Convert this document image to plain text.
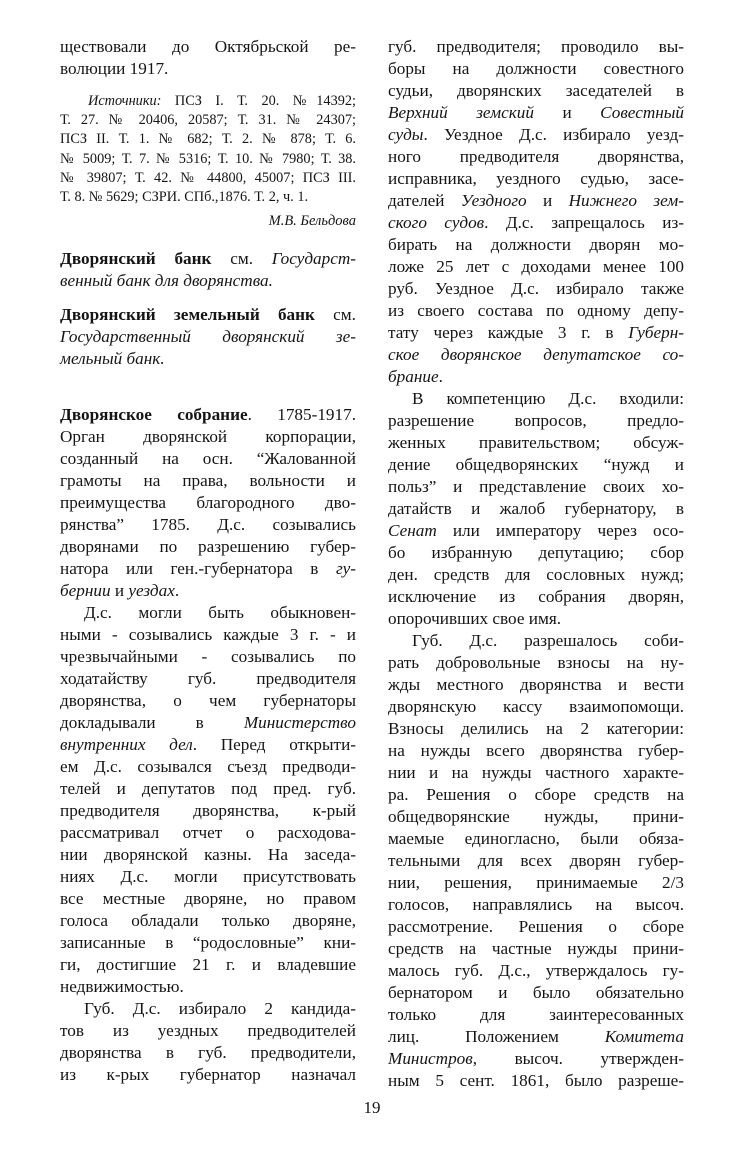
ществовали до Октябрьской ре-
волюции 1917.
Источники: ПСЗ I. Т. 20. №14392;
Т. 27. № 20406, 20587; Т. 31. № 24307;
ПСЗ II. Т. 1. № 682; Т. 2. № 878; Т. 6.
№ 5009; Т. 7. № 5316; Т. 10. № 7980; Т. 38.
№ 39807; Т. 42. № 44800, 45007; ПСЗ III.
Т. 8. № 5629; СЗРИ. СПб.,1876. Т. 2, ч. 1.
М.В. Бельдова
Дворянский банк см. Государст-
венный банк для дворянства.
Дворянский земельный банк см.
Государственный дворянский зе-
мельный банк.
Дворянское собрание. 1785-1917.
Орган дворянской корпорации,
созданный на осн. “Жалованной
грамоты на права, вольности и
преимущества благородного дво-
рянства” 1785. Д.с. созывались
дворянами по разрешению губер-
натора или ген.-губернатора в гу-
бернии и уездах.
Д.с. могли быть обыкновен-
ными - созывались каждые 3 г. - и
чрезвычайными - созывались по
ходатайству губ. предводителя
дворянства, о чем губернаторы
докладывали в Министерство
внутренних дел. Перед открыти-
ем Д.с. созывался съезд предводи-
телей и депутатов под пред. губ.
предводителя дворянства, к-рый
рассматривал отчет о расходова-
нии дворянской казны. На заседа-
ниях Д.с. могли присутствовать
все местные дворяне, но правом
голоса обладали только дворяне,
записанные в “родословные” кни-
ги, достигшие 21 г. и владевшие
недвижимостью.
Губ. Д.с. избирало 2 кандида-
тов из уездных предводителей
дворянства в губ. предводители,
из к-рых губернатор назначал
губ. предводителя; проводило вы-
боры на должности совестного
судьи, дворянских заседателей в
Верхний земский и Совестный
суды. Уездное Д.с. избирало уезд-
ного предводителя дворянства,
исправника, уездного судью, засе-
дателей Уездного и Нижнего зем-
ского судов. Д.с. запрещалось из-
бирать на должности дворян мо-
ложе 25 лет с доходами менее 100
руб. Уездное Д.с. избирало также
из своего состава по одному депу-
тату через каждые 3 г. в Губерн-
ское дворянское депутатское со-
брание.
В компетенцию Д.с. входили:
разрешение вопросов, предло-
женных правительством; обсуж-
дение общедворянских “нужд и
польз” и представление своих хо-
датайств и жалоб губернатору, в
Сенат или императору через осо-
бо избранную депутацию; сбор
ден. средств для сословных нужд;
исключение из собрания дворян,
опорочивших свое имя.
Губ. Д.с. разрешалось соби-
рать добровольные взносы на ну-
жды местного дворянства и вести
дворянскую кассу взаимопомощи.
Взносы делились на 2 категории:
на нужды всего дворянства губер-
нии и на нужды частного характе-
ра. Решения о сборе средств на
общедворянские нужды, прини-
маемые единогласно, были обяза-
тельными для всех дворян губер-
нии, решения, принимаемые 2/3
голосов, направлялись на высоч.
рассмотрение. Решения о сборе
средств на частные нужды прини-
малось губ. Д.с., утверждалось гу-
бернатором и было обязательно
только для заинтересованных
лиц. Положением Комитета
Министров, высоч. утвержден-
ным 5 сент. 1861, было разреше-
19
